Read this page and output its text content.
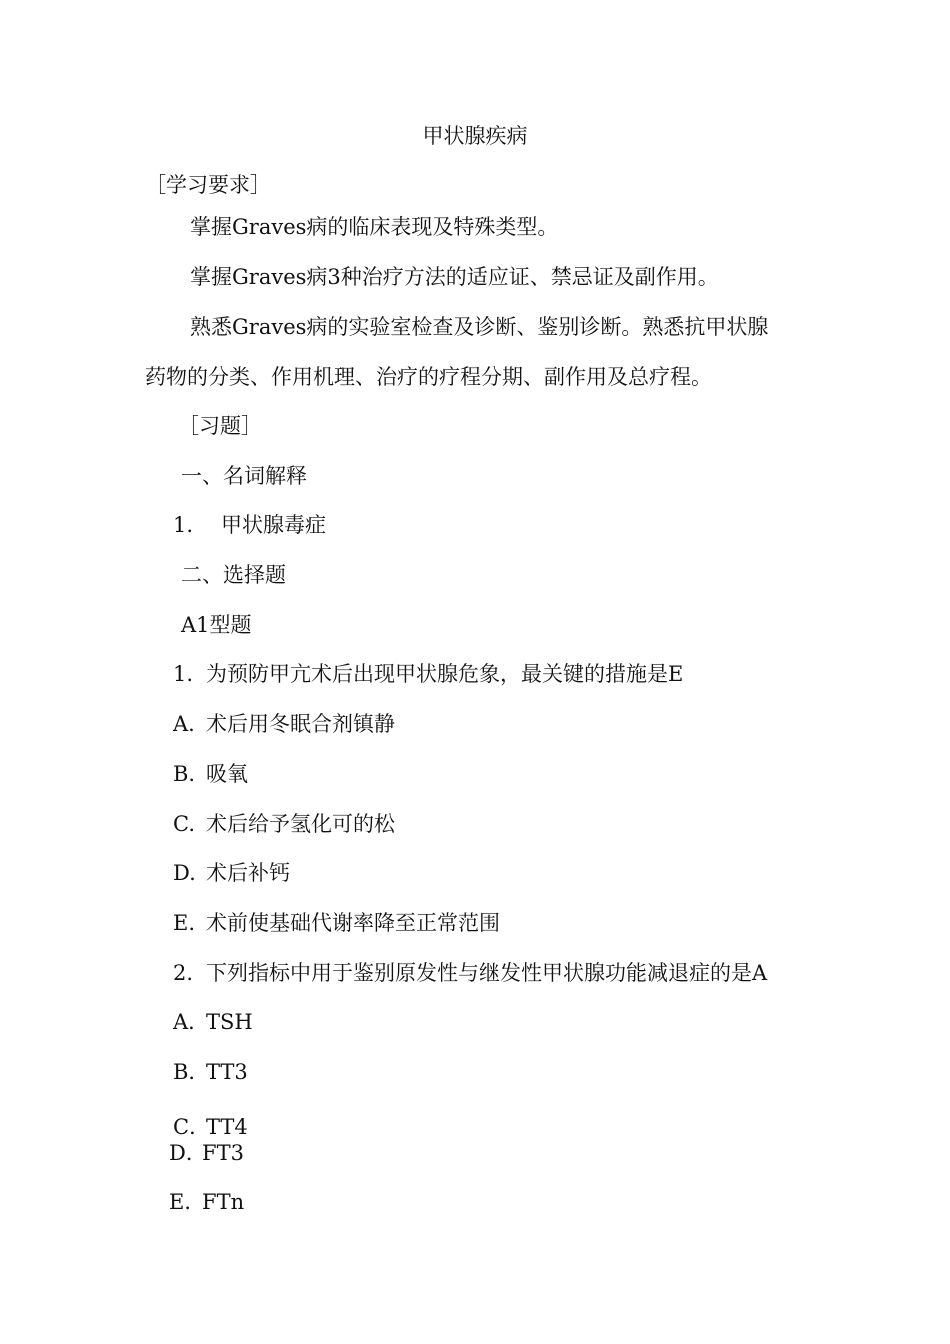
甲状腺疾病
［学习要求］
掌握Graves病的临床表现及特殊类型。
掌握Graves病3种治疗方法的适应证、禁忌证及副作用。
熟悉Graves病的实验室检查及诊断、鉴别诊断。熟悉抗甲状腺
药物的分类、作用机理、治疗的疗程分期、副作用及总疗程。
［习题］
一、名词解释
1. 甲状腺毒症
二、选择题
A1型题
1. 为预防甲亢术后出现甲状腺危象，最关键的措施是E
A. 术后用冬眠合剂镇静
B. 吸氧
C. 术后给予氢化可的松
D. 术后补钙
E. 术前使基础代谢率降至正常范围
2. 下列指标中用于鉴别原发性与继发性甲状腺功能减退症的是A
A．TSH
B．TT3
C．TT4
D．FT3
E．FTn
